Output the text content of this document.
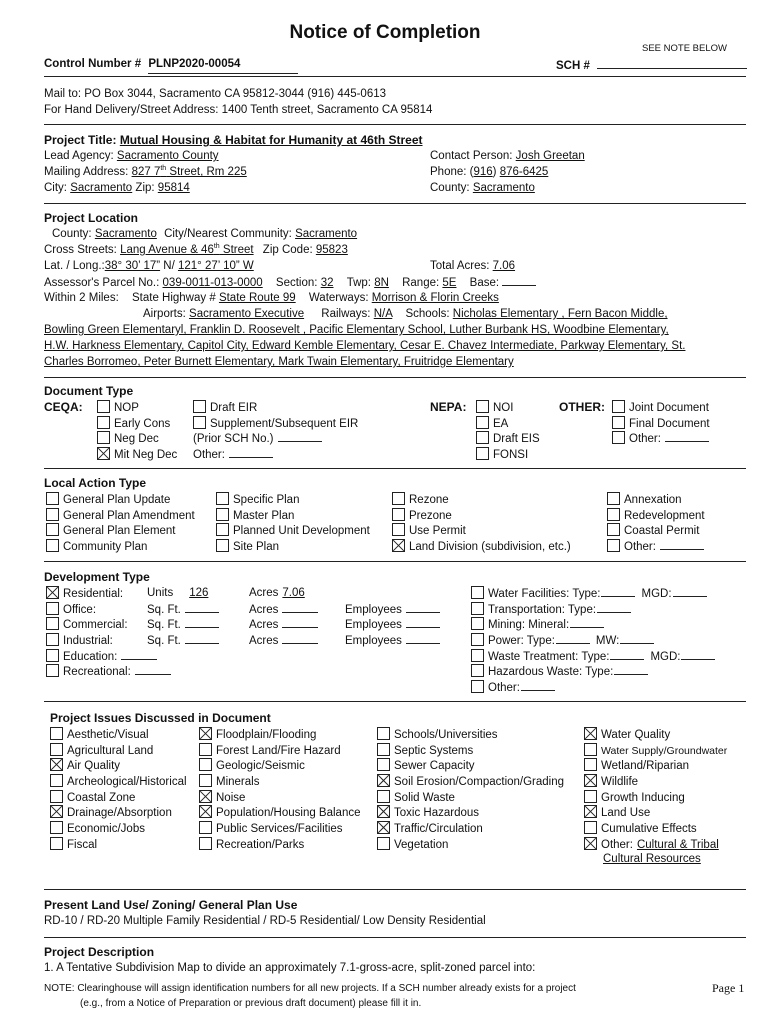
Notice of Completion
SEE NOTE BELOW
Control Number # PLNP2020-00054	SCH #
Mail to: PO Box 3044, Sacramento CA 95812-3044 (916) 445-0613
For Hand Delivery/Street Address: 1400 Tenth street, Sacramento CA 95814
Project Title: Mutual Housing & Habitat for Humanity at 46th Street
Lead Agency: Sacramento County
Mailing Address: 827 7th Street, Rm 225
City: Sacramento Zip: 95814
Contact Person: Josh Greetan
Phone: (916) 876-6425
County: Sacramento
Project Location
County: Sacramento City/Nearest Community: Sacramento
Cross Streets: Lang Avenue & 46th Street Zip Code: 95823
Lat. / Long.:38° 30’ 17” N/ 121° 27’ 10” W	Total Acres: 7.06
Assessor's Parcel No.: 039-0011-013-0000 Section: 32 Twp: 8N Range: 5E Base:
Within 2 Miles: State Highway # State Route 99 Waterways: Morrison & Florin Creeks
Airports: Sacramento Executive Railways: N/A Schools: Nicholas Elementary , Fern Bacon Middle,
Bowling Green Elementaryl, Franklin D. Roosevelt , Pacific Elementary School, Luther Burbank HS, Woodbine Elementary,
H.W. Harkness Elementary, Capitol City, Edward Kemble Elementary, Cesar E. Chavez Intermediate, Parkway Elementary, St.
Charles Borromeo, Peter Burnett Elementary, Mark Twain Elementary, Fruitridge Elementary
Document Type
CEQA:	NOP
Early Cons
Neg Dec
Mit Neg Dec
Draft EIR
Supplement/Subsequent EIR
(Prior SCH No.)
Other:
NEPA:	NOI
EA
Draft EIS
FONSI
OTHER:	Joint Document
Final Document
Other:
Local Action Type
General Plan Update
General Plan Amendment
General Plan Element
Community Plan
Specific Plan
Master Plan
Planned Unit Development
Site Plan
Rezone
Prezone
Use Permit
Land Division (subdivision, etc.)
Annexation
Redevelopment
Coastal Permit
Other:
Development Type
Residential: Units 126	Acres 7.06
Office:	Sq. Ft.	Acres	Employees
Commercial: Sq. Ft.	Acres	Employees
Industrial:	Sq. Ft.	Acres	Employees
Education:
Recreational:
Water Facilities: Type:	MGD:
Transportation: Type:
Mining: Mineral:
Power: Type:	MW:
Waste Treatment: Type:	MGD:
Hazardous Waste: Type:
Other:
Project Issues Discussed in Document
Aesthetic/Visual
Agricultural Land
Air Quality
Archeological/Historical
Coastal Zone
Drainage/Absorption
Economic/Jobs
Fiscal
Floodplain/Flooding
Forest Land/Fire Hazard
Geologic/Seismic
Minerals
Noise
Population/Housing Balance
Public Services/Facilities
Recreation/Parks
Schools/Universities
Septic Systems
Sewer Capacity
Soil Erosion/Compaction/Grading
Solid Waste
Toxic Hazardous
Traffic/Circulation
Vegetation
Water Quality
Water Supply/Groundwater
Wetland/Riparian
Wildlife
Growth Inducing
Land Use
Cumulative Effects
Other: Cultural & Tribal
Cultural Resources
Present Land Use/ Zoning/ General Plan Use
RD-10 / RD-20 Multiple Family Residential / RD-5 Residential/ Low Density Residential
Project Description
1. A Tentative Subdivision Map to divide an approximately 7.1-gross-acre, split-zoned parcel into:
NOTE: Clearinghouse will assign identification numbers for all new projects. If a SCH number already exists for a project
(e.g., from a Notice of Preparation or previous draft document) please fill it in.
Page 1
